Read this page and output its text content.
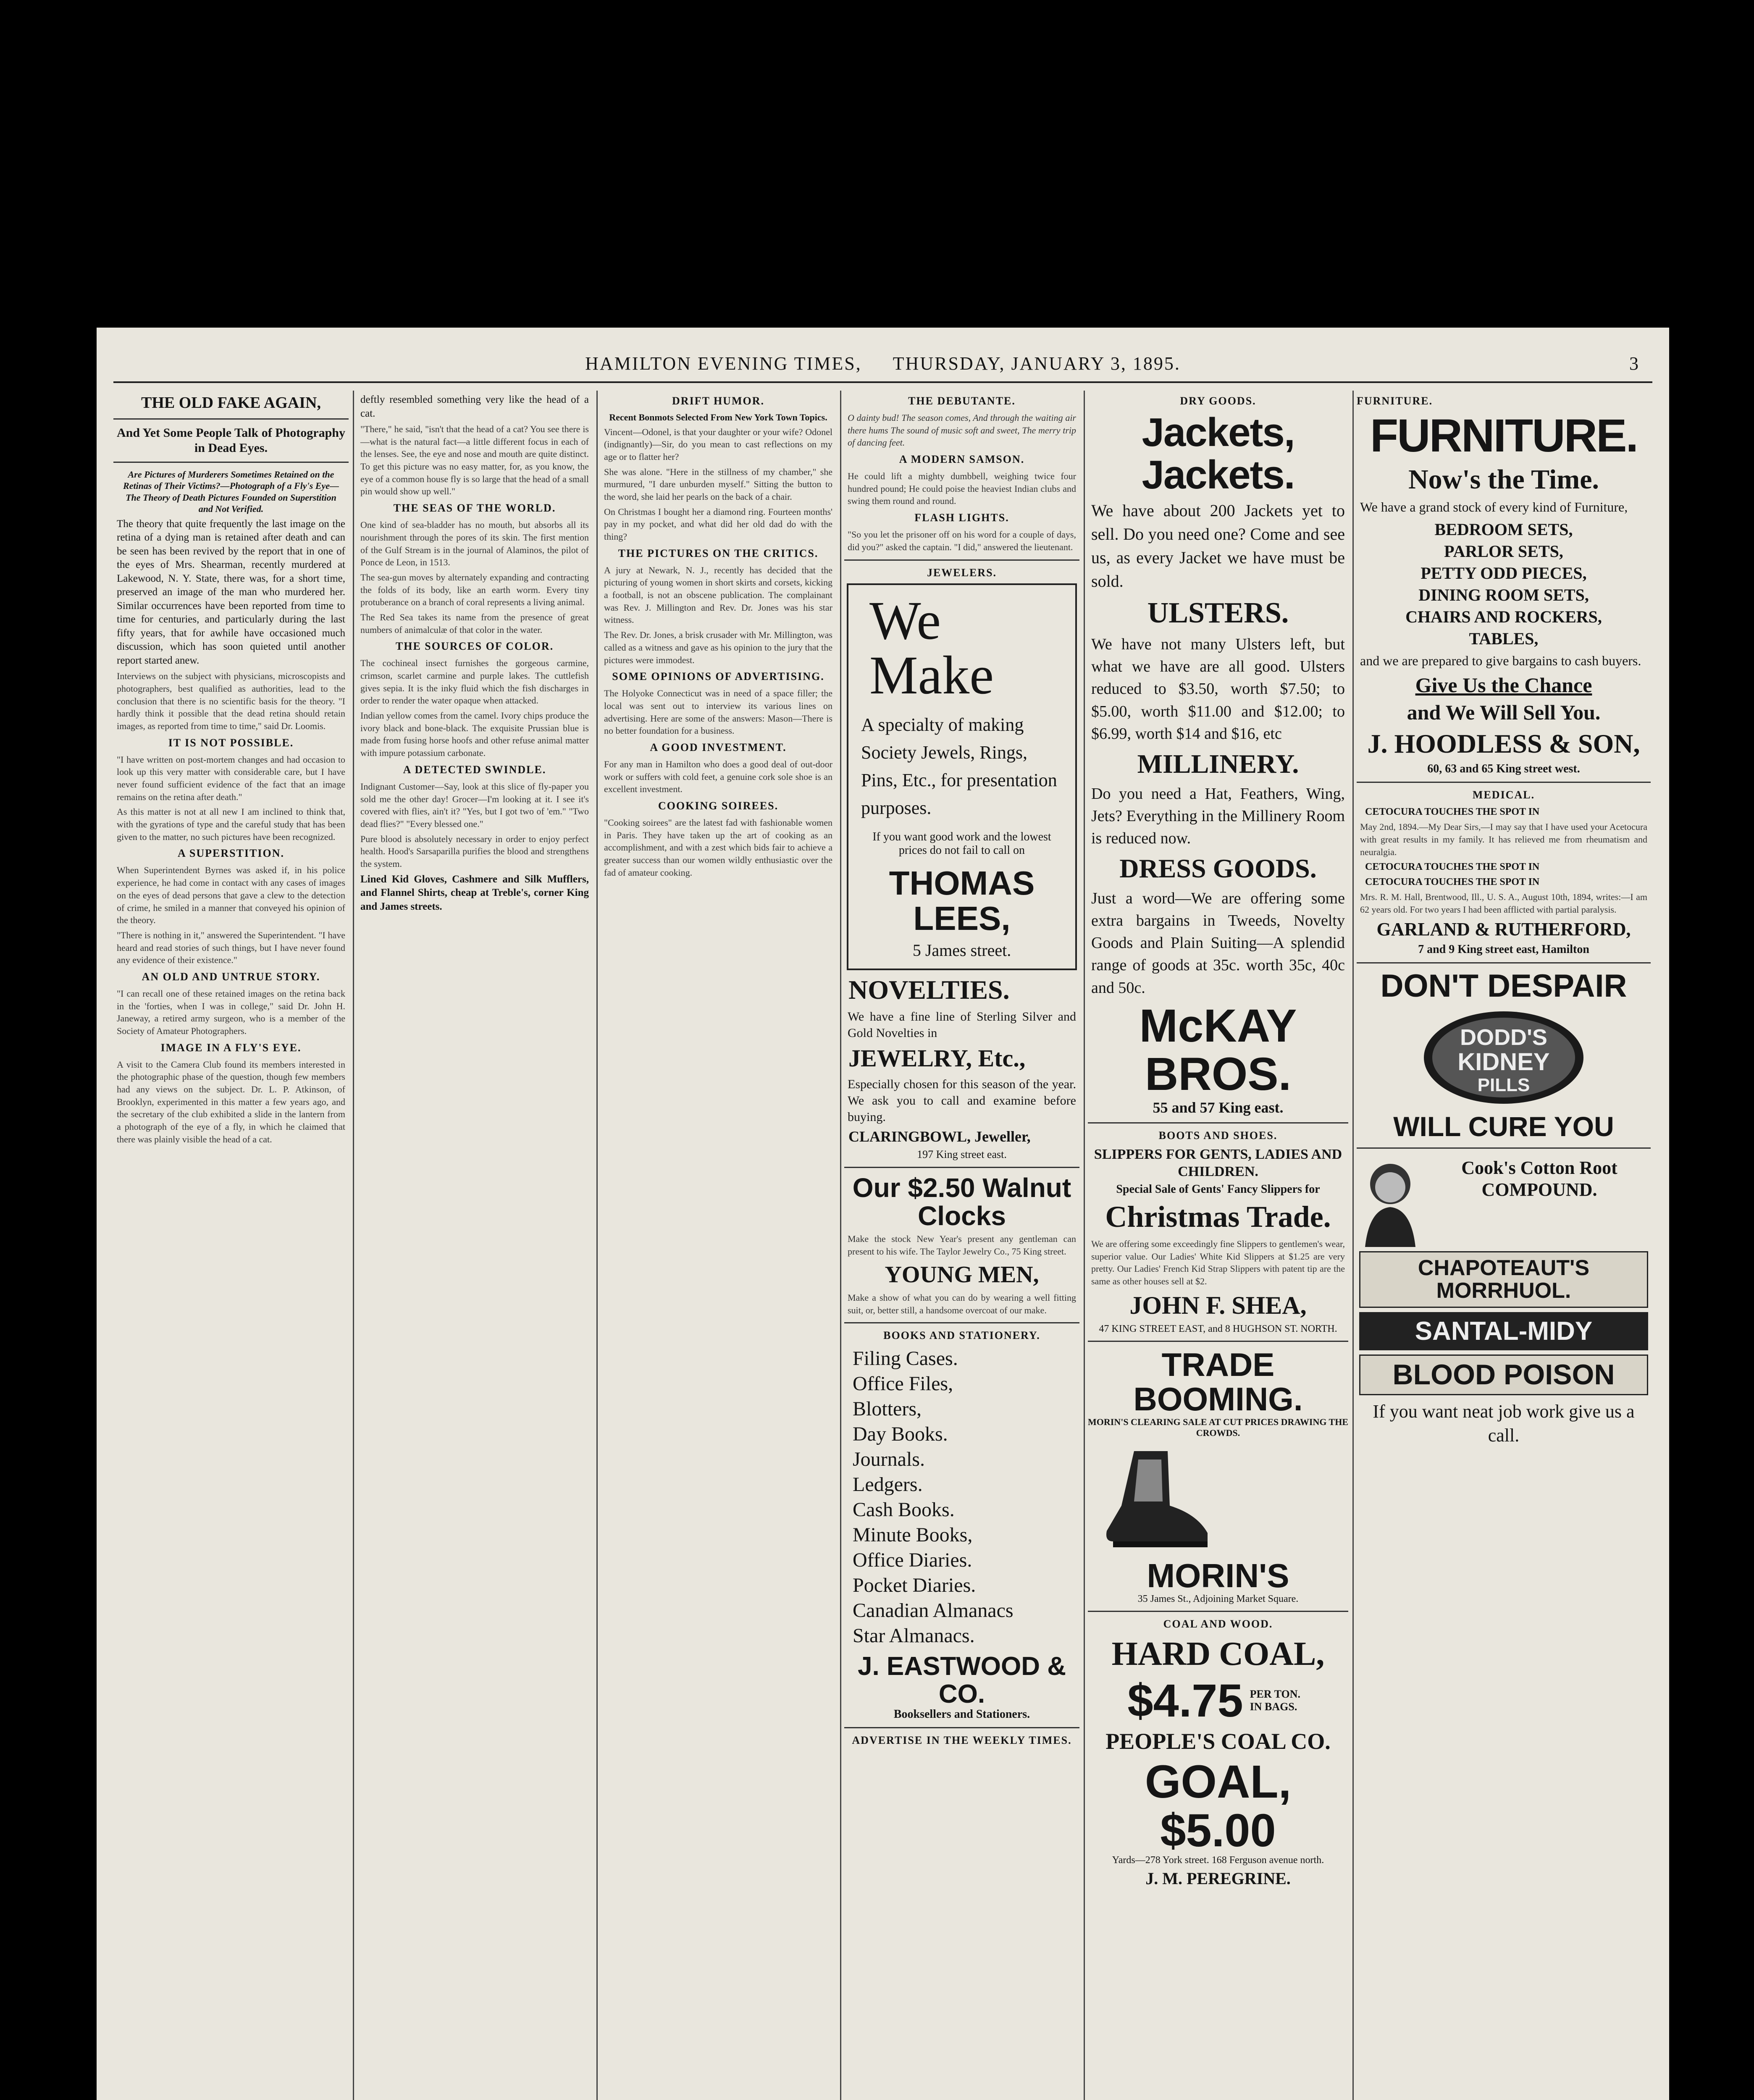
HAMILTON EVENING TIMES, THURSDAY, JANUARY 3, 1895.	3
THE OLD FAKE AGAIN,
And Yet Some People Talk of Photography in Dead Eyes.
Are Pictures of Murderers Sometimes Retained on the Retinas of Their Victims?—Photograph of a Fly's Eye—The Theory of Death Pictures Founded on Superstition and Not Verified.
The theory that quite frequently the last image on the retina of a dying man is retained after death and can be seen has been revived by the report that in one of the eyes of Mrs. Shearman, recently murdered at Lakewood, N. Y. State, there was, for a short time, preserved an image of the man who murdered her. Similar occurrences have been reported from time to time for centuries, and particularly during the last fifty years, that for awhile have occasioned much discussion, which has soon quieted until another report started anew.
Interviews on the subject with physicians, microscopists and photographers, best qualified as authorities, lead to the conclusion that there is no scientific basis for the theory. "I hardly think it possible that the dead retina should retain images, as reported from time to time," said Dr. Loomis.
IT IS NOT POSSIBLE.
"I have written on post-mortem changes and had occasion to look up this very matter with considerable care, but I have never found sufficient evidence of the fact that an image remains on the retina after death."
As this matter is not at all new I am inclined to think that, with the gyrations of type and the careful study that has been given to the matter, no such pictures have been recognized.
A SUPERSTITION.
When Superintendent Byrnes was asked if, in his police experience, he had come in contact with any cases of images on the eyes of dead persons that gave a clew to the detection of crime, he smiled in a manner that conveyed his opinion of the theory.
"There is nothing in it," answered the Superintendent. "I have heard and read stories of such things, but I have never found any evidence of their existence."
AN OLD AND UNTRUE STORY.
"I can recall one of these retained images on the retina back in the 'forties, when I was in college," said Dr. John H. Janeway, a retired army surgeon, who is a member of the Society of Amateur Photographers.
IMAGE IN A FLY'S EYE.
A visit to the Camera Club found its members interested in the photographic phase of the question, though few members had any views on the subject. Dr. L. P. Atkinson, of Brooklyn, experimented in this matter a few years ago, and the secretary of the club exhibited a slide in the lantern from a photograph of the eye of a fly, in which he claimed that there was plainly visible the head of a cat.
deftly resembled something very like the head of a cat.
"There," he said, "isn't that the head of a cat? You see there is—what is the natural fact—a little different focus in each of the lenses. See, the eye and nose and mouth are quite distinct. To get this picture was no easy matter, for, as you know, the eye of a common house fly is so large that the head of a small pin would show up well."
THE SEAS OF THE WORLD.
One kind of sea-bladder has no mouth, but absorbs all its nourishment through the pores of its skin. The first mention of the Gulf Stream is in the journal of Alaminos, the pilot of Ponce de Leon, in 1513.
The sea-gun moves by alternately expanding and contracting the folds of its body, like an earth worm. Every tiny protuberance on a branch of coral represents a living animal.
The Red Sea takes its name from the presence of great numbers of animalculæ of that color in the water.
THE SOURCES OF COLOR.
The cochineal insect furnishes the gorgeous carmine, crimson, scarlet carmine and purple lakes. The cuttlefish gives sepia. It is the inky fluid which the fish discharges in order to render the water opaque when attacked.
Indian yellow comes from the camel. Ivory chips produce the ivory black and bone-black. The exquisite Prussian blue is made from fusing horse hoofs and other refuse animal matter with impure potassium carbonate.
A DETECTED SWINDLE.
Indignant Customer—Say, look at this slice of fly-paper you sold me the other day! Grocer—I'm looking at it. I see it's covered with flies, ain't it? "Yes, but I got two of 'em." "Two dead flies?" "Every blessed one."
Pure blood is absolutely necessary in order to enjoy perfect health. Hood's Sarsaparilla purifies the blood and strengthens the system.
Lined Kid Gloves, Cashmere and Silk Mufflers, and Flannel Shirts, cheap at Treble's, corner King and James streets.
DRIFT HUMOR.
Recent Bonmots Selected From New York Town Topics.
Vincent—Odonel, is that your daughter or your wife? Odonel (indignantly)—Sir, do you mean to cast reflections on my age or to flatter her?
She was alone. "Here in the stillness of my chamber," she murmured, "I dare unburden myself." Sitting the button to the word, she laid her pearls on the back of a chair.
On Christmas I bought her a diamond ring. Fourteen months' pay in my pocket, and what did her old dad do with the thing?
THE PICTURES ON THE CRITICS.
A jury at Newark, N. J., recently has decided that the picturing of young women in short skirts and corsets, kicking a football, is not an obscene publication. The complainant was Rev. J. Millington and Rev. Dr. Jones was his star witness.
The Rev. Dr. Jones, a brisk crusader with Mr. Millington, was called as a witness and gave as his opinion to the jury that the pictures were immodest.
SOME OPINIONS OF ADVERTISING.
The Holyoke Connecticut was in need of a space filler; the local was sent out to interview its various lines on advertising. Here are some of the answers: Mason—There is no better foundation for a business.
A GOOD INVESTMENT.
For any man in Hamilton who does a good deal of out-door work or suffers with cold feet, a genuine cork sole shoe is an excellent investment.
COOKING SOIREES.
"Cooking soirees" are the latest fad with fashionable women in Paris. They have taken up the art of cooking as an accomplishment, and with a zest which bids fair to achieve a greater success than our women wildly enthusiastic over the fad of amateur cooking.
THE DEBUTANTE.
O dainty bud! The season comes, And through the waiting air there hums The sound of music soft and sweet, The merry trip of dancing feet.
A MODERN SAMSON.
He could lift a mighty dumbbell, weighing twice four hundred pound; He could poise the heaviest Indian clubs and swing them round and round.
FLASH LIGHTS.
"So you let the prisoner off on his word for a couple of days, did you?" asked the captain. "I did," answered the lieutenant.
JEWELERS.
We
Make
A specialty of making Society Jewels, Rings, Pins, Etc., for presentation purposes.
If you want good work and the lowest prices do not fail to call on
THOMAS LEES,
5 James street.
NOVELTIES.
We have a fine line of Sterling Silver and Gold Novelties in
JEWELRY, Etc.,
Especially chosen for this season of the year. We ask you to call and examine before buying.
CLARINGBOWL, Jeweller,
197 King street east.
Our $2.50 Walnut Clocks
Make the stock New Year's present any gentleman can present to his wife. The Taylor Jewelry Co., 75 King street.
YOUNG MEN,
Make a show of what you can do by wearing a well fitting suit, or, better still, a handsome overcoat of our make.
BOOKS AND STATIONERY.
Filing Cases.
Office Files,
Blotters,
Day Books.
Journals.
Ledgers.
Cash Books.
Minute Books,
Office Diaries.
Pocket Diaries.
Canadian Almanacs
Star Almanacs.
J. EASTWOOD & CO.
Booksellers and Stationers.
ADVERTISE IN THE WEEKLY TIMES.
DRY GOODS.
Jackets, Jackets.
We have about 200 Jackets yet to sell. Do you need one? Come and see us, as every Jacket we have must be sold.
ULSTERS.
We have not many Ulsters left, but what we have are all good. Ulsters reduced to $3.50, worth $7.50; to $5.00, worth $11.00 and $12.00; to $6.99, worth $14 and $16, etc
MILLINERY.
Do you need a Hat, Feathers, Wing, Jets? Everything in the Millinery Room is reduced now.
DRESS GOODS.
Just a word—We are offering some extra bargains in Tweeds, Novelty Goods and Plain Suiting—A splendid range of goods at 35c. worth 35c, 40c and 50c.
McKAY BROS.
55 and 57 King east.
BOOTS AND SHOES.
SLIPPERS FOR GENTS, LADIES AND CHILDREN.
Special Sale of Gents' Fancy Slippers for
Christmas Trade.
We are offering some exceedingly fine Slippers to gentlemen's wear, superior value. Our Ladies' White Kid Slippers at $1.25 are very pretty. Our Ladies' French Kid Strap Slippers with patent tip are the same as other houses sell at $2.
JOHN F. SHEA,
47 KING STREET EAST, and 8 HUGHSON ST. NORTH.
TRADE BOOMING.
MORIN'S CLEARING SALE AT CUT PRICES DRAWING THE CROWDS.
MORIN'S
35 James St., Adjoining Market Square.
COAL AND WOOD.
HARD COAL,
$4.75 PER TON. IN BAGS.
PEOPLE'S COAL CO.
GOAL, $5.00
Yards—278 York street. 168 Ferguson avenue north.
J. M. PEREGRINE.
FURNITURE.
FURNITURE.
Now's the Time.
We have a grand stock of every kind of Furniture,
BEDROOM SETS,
PARLOR SETS,
PETTY ODD PIECES,
DINING ROOM SETS,
CHAIRS AND ROCKERS,
TABLES,
and we are prepared to give bargains to cash buyers.
Give Us the Chance
and We Will Sell You.
J. HOODLESS & SON,
60, 63 and 65 King street west.
MEDICAL.
CETOCURA TOUCHES THE SPOT IN
May 2nd, 1894.—My Dear Sirs,—I may say that I have used your Acetocura with great results in my family. It has relieved me from rheumatism and neuralgia.
CETOCURA TOUCHES THE SPOT IN
CETOCURA TOUCHES THE SPOT IN
Mrs. R. M. Hall, Brentwood, Ill., U. S. A., August 10th, 1894, writes:—I am 62 years old. For two years I had been afflicted with partial paralysis.
GARLAND & RUTHERFORD,
7 and 9 King street east, Hamilton
DON'T DESPAIR
DODD'S
KIDNEY
PILLS
WILL CURE YOU
Cook's Cotton Root COMPOUND.
CHAPOTEAUT'S MORRHUOL.
SANTAL-MIDY
BLOOD POISON
If you want neat job work give us a call.
